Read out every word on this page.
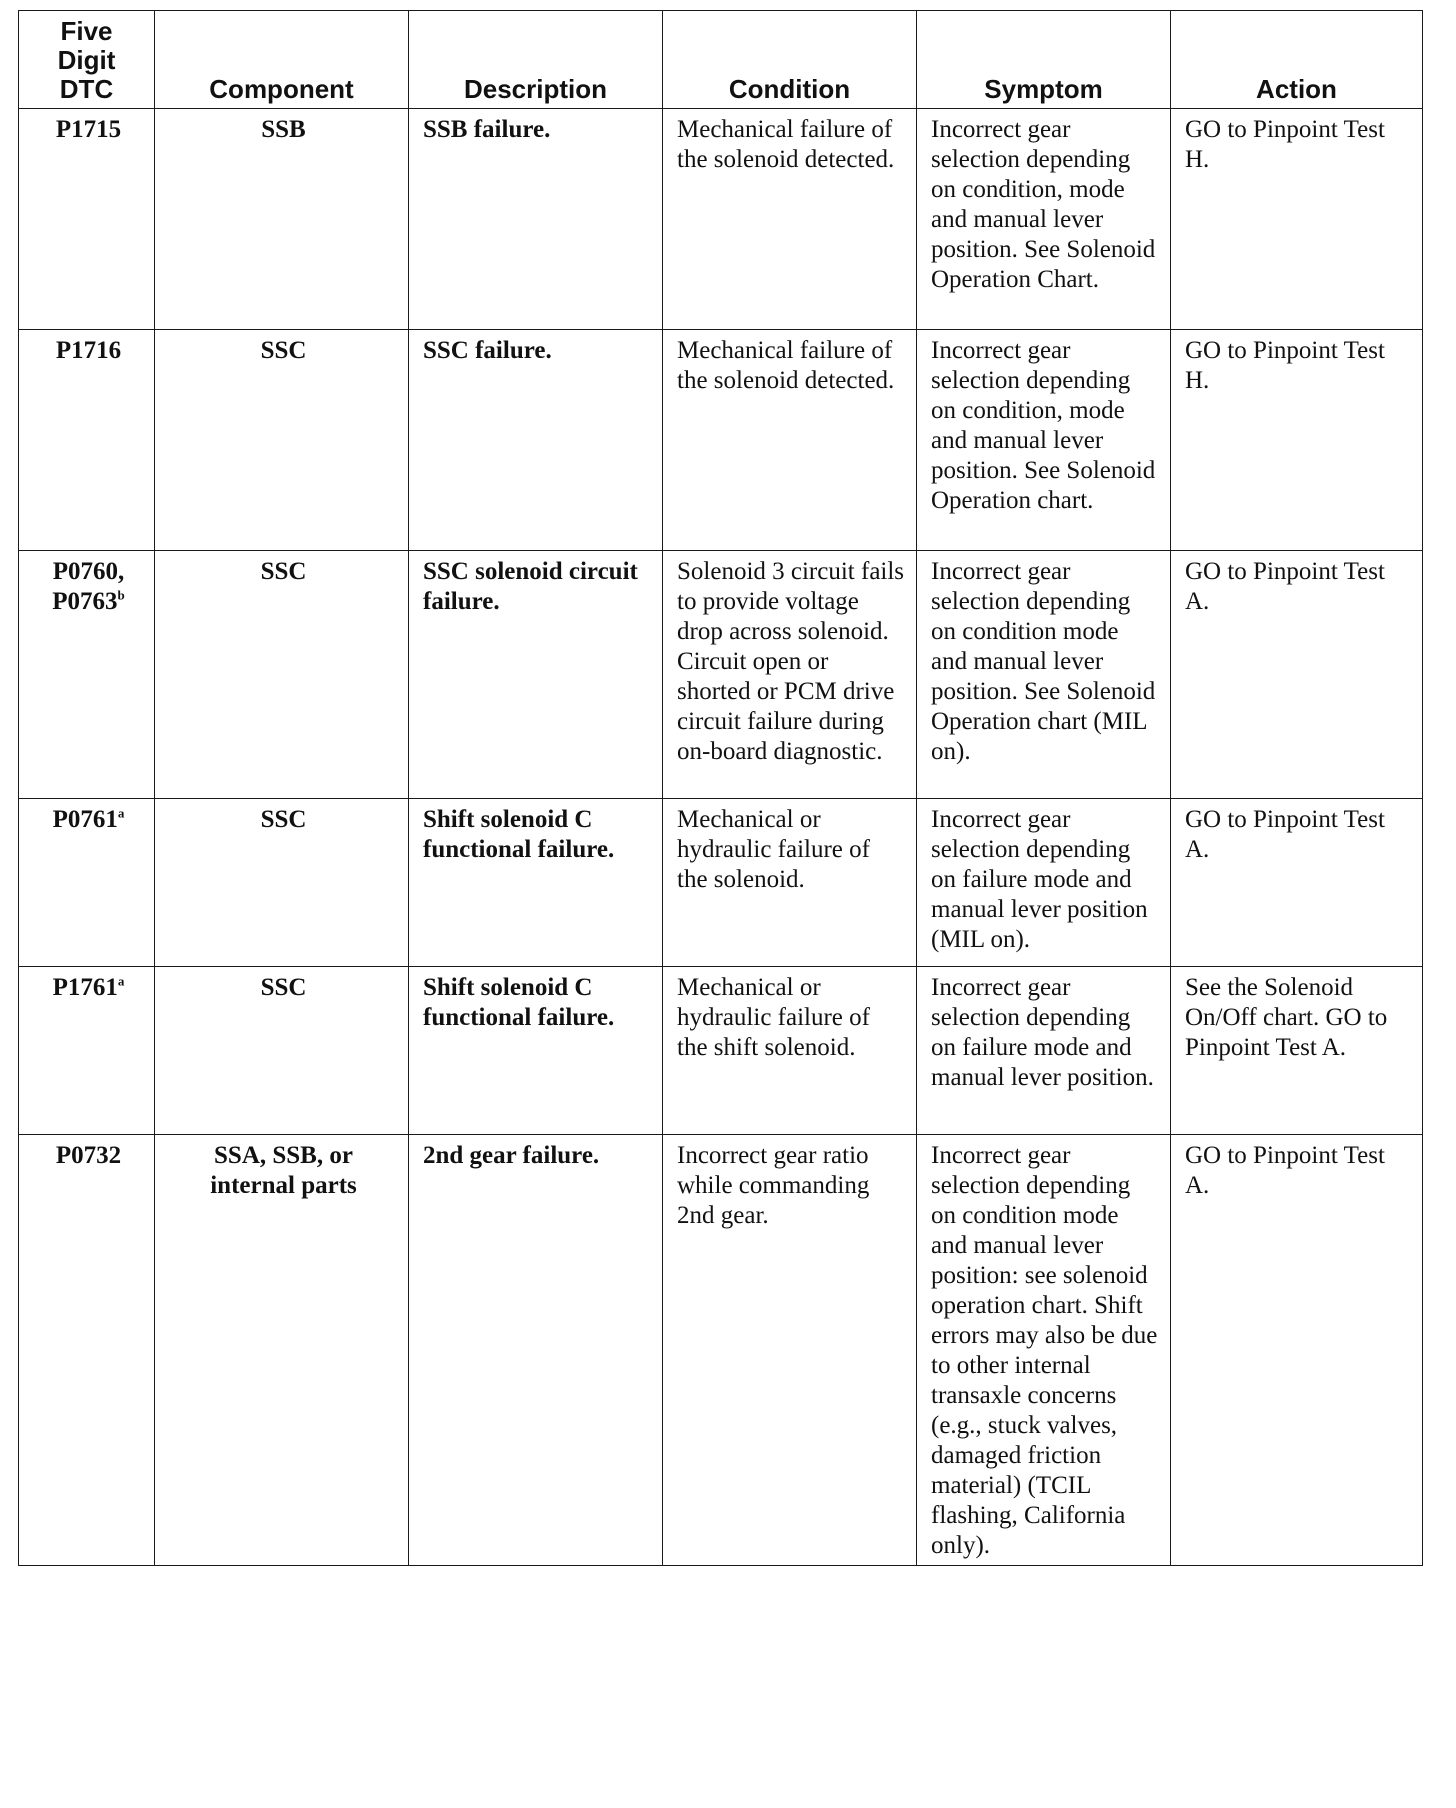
Five
Digit
DTC	Component	Description	Condition	Symptom	Action
P1715	SSB	SSB failure.	Mechanical failure of the solenoid detected.	Incorrect gear selection depending on condition, mode and manual lever position. See Solenoid Operation Chart.	GO to Pinpoint Test H.
P1716	SSC	SSC failure.	Mechanical failure of the solenoid detected.	Incorrect gear selection depending on condition, mode and manual lever position. See Solenoid Operation chart.	GO to Pinpoint Test H.
P0760,
P0763$^b$	SSC	SSC solenoid circuit failure.	Solenoid 3 circuit fails to provide voltage drop across solenoid. Circuit open or shorted or PCM drive circuit failure during on-board diagnostic.	Incorrect gear selection depending on condition mode and manual lever position. See Solenoid Operation chart (MIL on).	GO to Pinpoint Test A.
P0761$^a$	SSC	Shift solenoid C functional failure.	Mechanical or hydraulic failure of the solenoid.	Incorrect gear selection depending on failure mode and manual lever position (MIL on).	GO to Pinpoint Test A.
P1761$^a$	SSC	Shift solenoid C functional failure.	Mechanical or hydraulic failure of the shift solenoid.	Incorrect gear selection depending on failure mode and manual lever position.	See the Solenoid On/Off chart. GO to Pinpoint Test A.
P0732	SSA, SSB, or internal parts	2nd gear failure.	Incorrect gear ratio while commanding 2nd gear.	Incorrect gear selection depending on condition mode and manual lever position: see solenoid operation chart. Shift errors may also be due to other internal transaxle concerns (e.g., stuck valves, damaged friction material) (TCIL flashing, California only).	GO to Pinpoint Test A.
